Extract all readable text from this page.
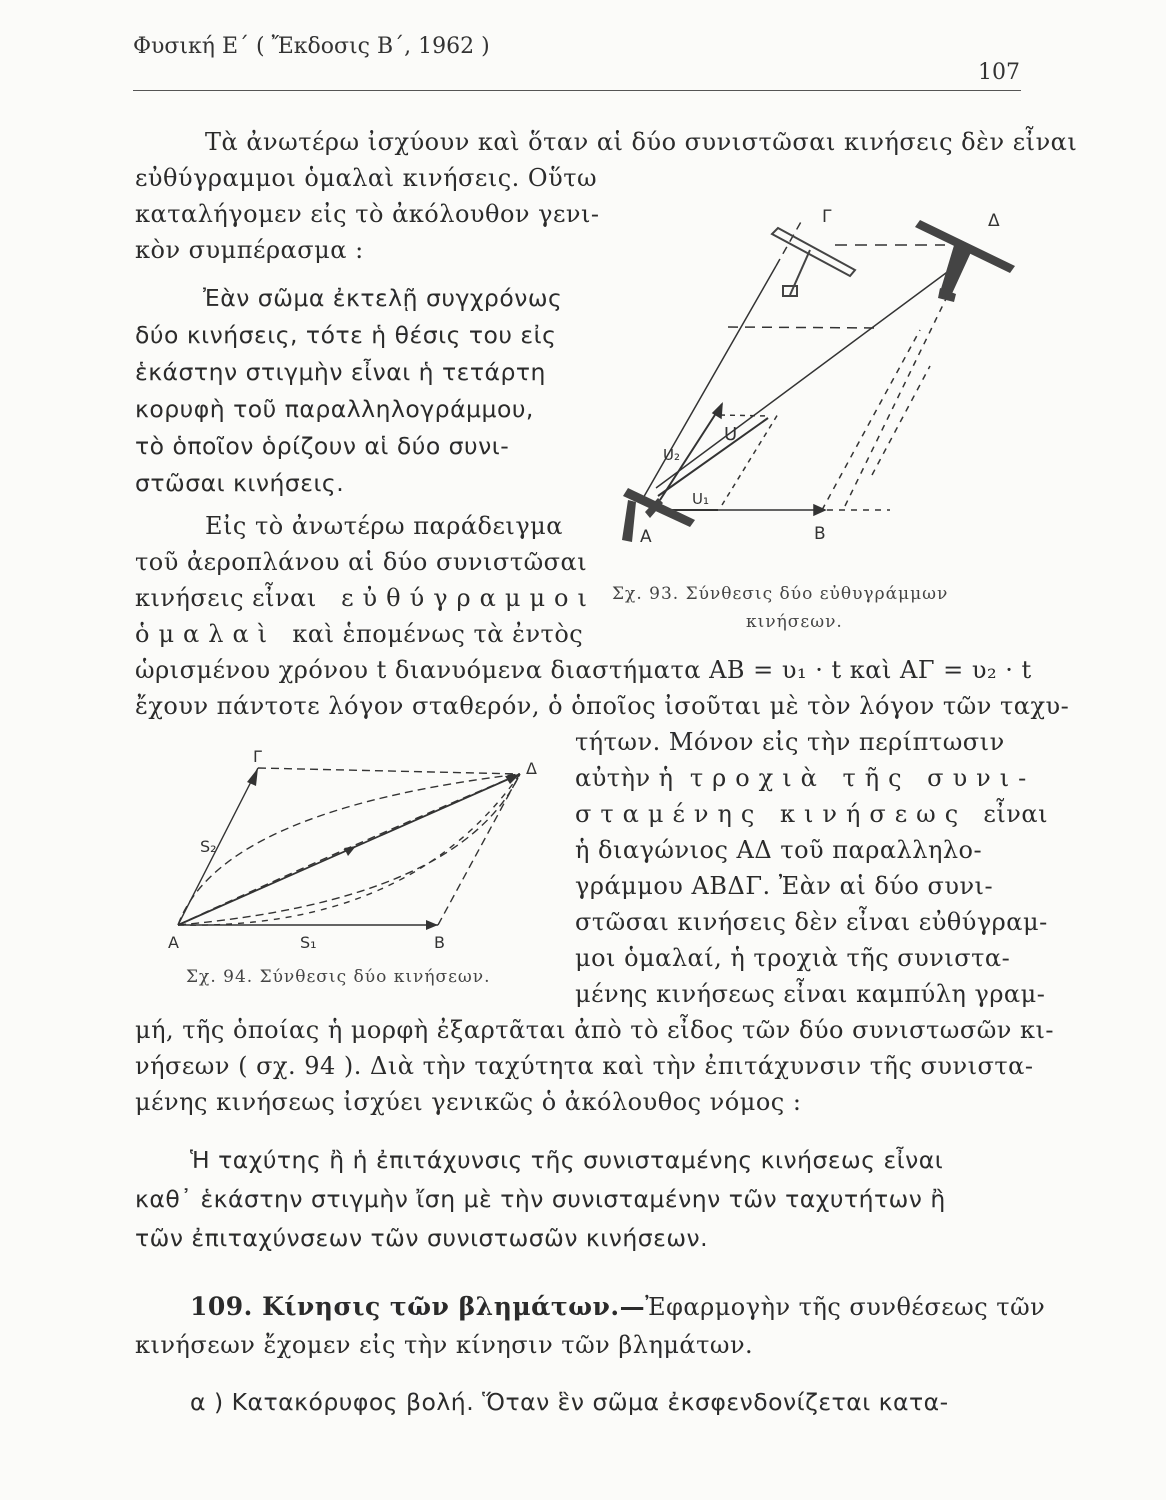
Φυσική Ε΄ ( Ἔκδοσις Β΄, 1962 )
107
Τὰ ἀνωτέρω ἰσχύουν καὶ ὅταν αἱ δύο συνιστῶσαι κινήσεις δὲν εἶναι
εὐθύγραμμοι ὁμαλαὶ κινήσεις. Οὕτω
καταλήγομεν εἰς τὸ ἀκόλουθον γενι-
κὸν συμπέρασμα :
Ἐὰν σῶμα ἐκτελῇ συγχρόνως
δύο κινήσεις, τότε ἡ θέσις του εἰς
ἑκάστην στιγμὴν εἶναι ἡ τετάρτη
κορυφὴ τοῦ παραλληλογράμμου,
τὸ ὁποῖον ὁρίζουν αἱ δύο συνι-
στῶσαι κινήσεις.
Εἰς τὸ ἀνωτέρω παράδειγμα
τοῦ ἀεροπλάνου αἱ δύο συνιστῶσαι
κινήσεις εἶναι εὐθύγραμμοι
ὁμαλαὶ καὶ ἑπομένως τὰ ἐντὸς
A	B
Γ	Δ
U
U₁
U₂
Σχ. 93. Σύνθεσις δύο εὐθυγράμμων
κινήσεων.
ὡρισμένου χρόνου t διανυόμενα διαστήματα ΑΒ = υ₁ · t καὶ ΑΓ = υ₂ · t
ἔχουν πάντοτε λόγον σταθερόν, ὁ ὁποῖος ἰσοῦται μὲ τὸν λόγον τῶν ταχυ-
A	B
Γ
Δ
S₁
S₂
Σχ. 94. Σύνθεσις δύο κινήσεων.
τήτων. Μόνον εἰς τὴν περίπτωσιν
αὐτὴν ἡ τροχιὰ τῆς συνι-
σταμένης κινήσεως εἶναι
ἡ διαγώνιος ΑΔ τοῦ παραλληλο-
γράμμου ΑΒΔΓ. Ἐὰν αἱ δύο συνι-
στῶσαι κινήσεις δὲν εἶναι εὐθύγραμ-
μοι ὁμαλαί, ἡ τροχιὰ τῆς συνιστα-
μένης κινήσεως εἶναι καμπύλη γραμ-
μή, τῆς ὁποίας ἡ μορφὴ ἐξαρτᾶται ἀπὸ τὸ εἶδος τῶν δύο συνιστωσῶν κι-
νήσεων ( σχ. 94 ). Διὰ τὴν ταχύτητα καὶ τὴν ἐπιτάχυνσιν τῆς συνιστα-
μένης κινήσεως ἰσχύει γενικῶς ὁ ἀκόλουθος νόμος :
Ἡ ταχύτης ἢ ἡ ἐπιτάχυνσις τῆς συνισταμένης κινήσεως εἶναι
καθ᾽ ἑκάστην στιγμὴν ἴση μὲ τὴν συνισταμένην τῶν ταχυτήτων ἢ
τῶν ἐπιταχύνσεων τῶν συνιστωσῶν κινήσεων.
109. Κίνησις τῶν βλημάτων.—Ἐφαρμογὴν τῆς συνθέσεως τῶν
κινήσεων ἔχομεν εἰς τὴν κίνησιν τῶν βλημάτων.
α ) Κατακόρυφος βολή. Ὅταν ἓν σῶμα ἐκσφενδονίζεται κατα-
